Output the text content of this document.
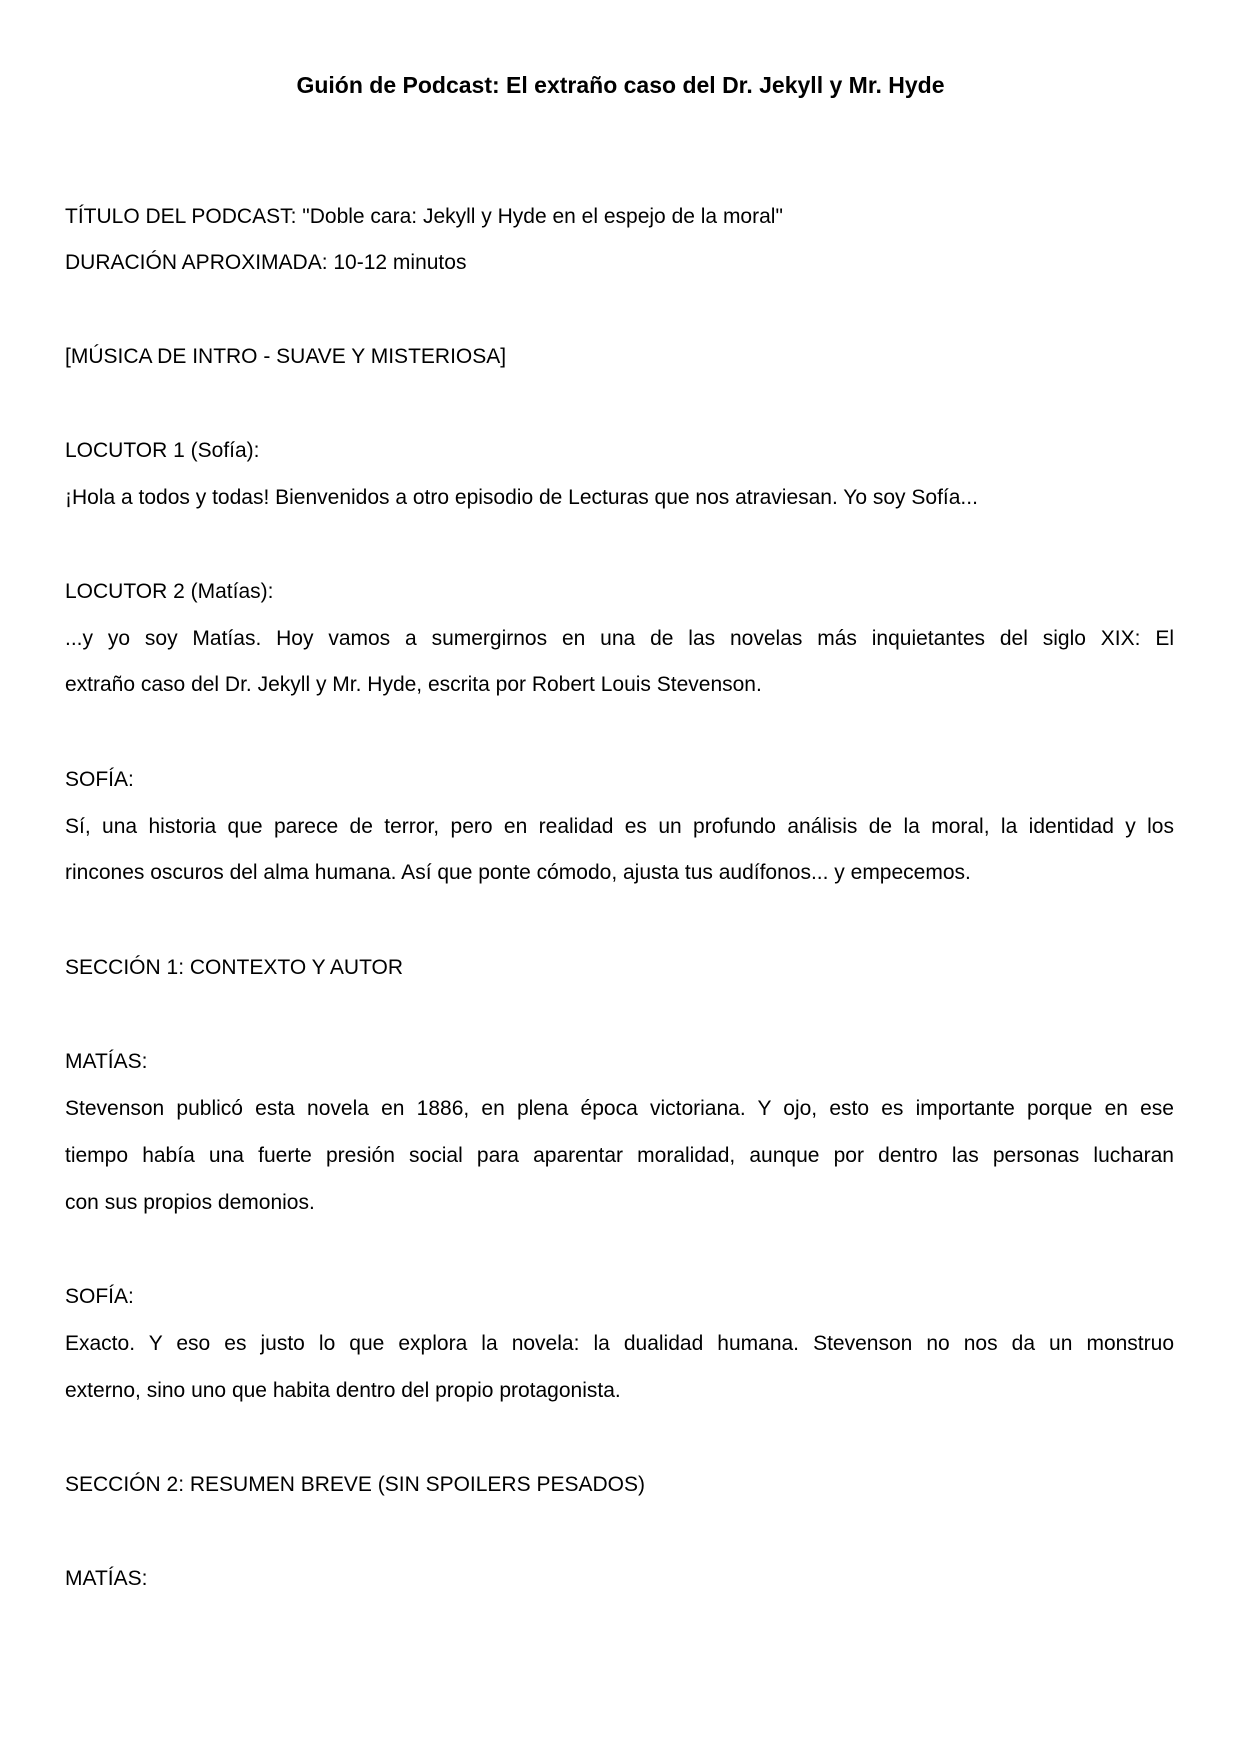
Guión de Podcast: El extraño caso del Dr. Jekyll y Mr. Hyde
TÍTULO DEL PODCAST: "Doble cara: Jekyll y Hyde en el espejo de la moral"
DURACIÓN APROXIMADA: 10-12 minutos
[MÚSICA DE INTRO - SUAVE Y MISTERIOSA]
LOCUTOR 1 (Sofía):
¡Hola a todos y todas! Bienvenidos a otro episodio de Lecturas que nos atraviesan. Yo soy Sofía...
LOCUTOR 2 (Matías):
...y yo soy Matías. Hoy vamos a sumergirnos en una de las novelas más inquietantes del siglo XIX: El
extraño caso del Dr. Jekyll y Mr. Hyde, escrita por Robert Louis Stevenson.
SOFÍA:
Sí, una historia que parece de terror, pero en realidad es un profundo análisis de la moral, la identidad y los
rincones oscuros del alma humana. Así que ponte cómodo, ajusta tus audífonos... y empecemos.
SECCIÓN 1: CONTEXTO Y AUTOR
MATÍAS:
Stevenson publicó esta novela en 1886, en plena época victoriana. Y ojo, esto es importante porque en ese
tiempo había una fuerte presión social para aparentar moralidad, aunque por dentro las personas lucharan
con sus propios demonios.
SOFÍA:
Exacto. Y eso es justo lo que explora la novela: la dualidad humana. Stevenson no nos da un monstruo
externo, sino uno que habita dentro del propio protagonista.
SECCIÓN 2: RESUMEN BREVE (SIN SPOILERS PESADOS)
MATÍAS:
